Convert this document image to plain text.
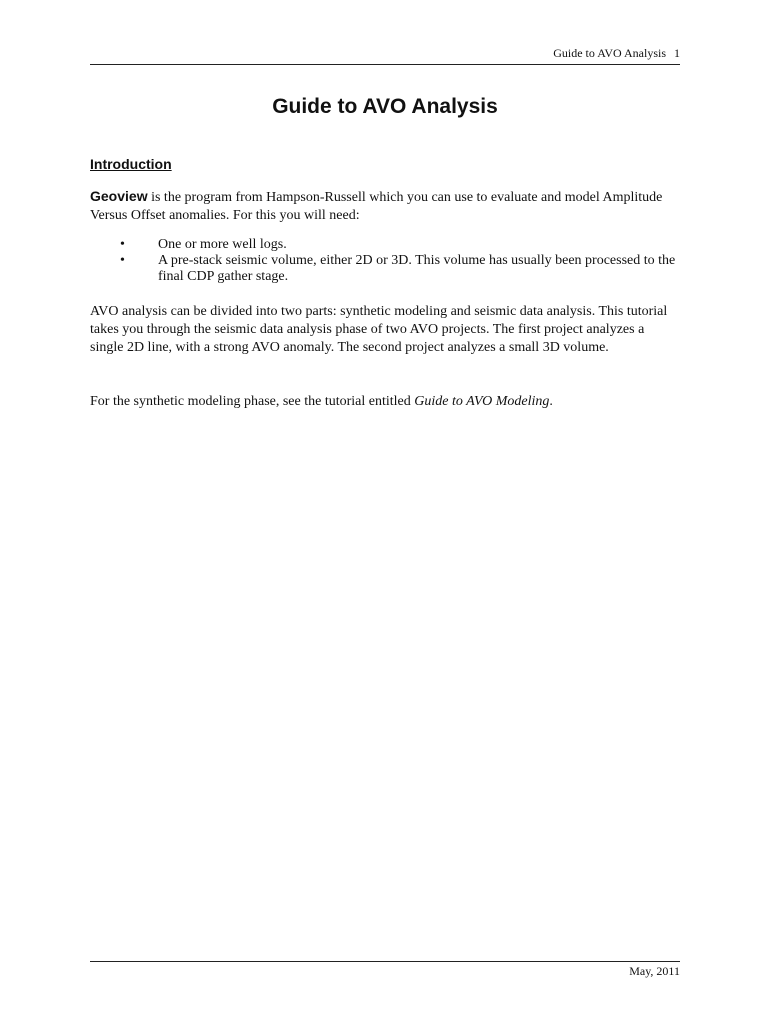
Guide to AVO Analysis 1
Guide to AVO Analysis
Introduction

Geoview is the program from Hampson-Russell which you can use to evaluate and model Amplitude Versus Offset anomalies. For this you will need:

• One or more well logs.
• A pre-stack seismic volume, either 2D or 3D. This volume has usually been processed to the final CDP gather stage.

AVO analysis can be divided into two parts: synthetic modeling and seismic data analysis. This tutorial takes you through the seismic data analysis phase of two AVO projects. The first project analyzes a single 2D line, with a strong AVO anomaly. The second project analyzes a small 3D volume.

For the synthetic modeling phase, see the tutorial entitled Guide to AVO Modeling.

May, 2011
